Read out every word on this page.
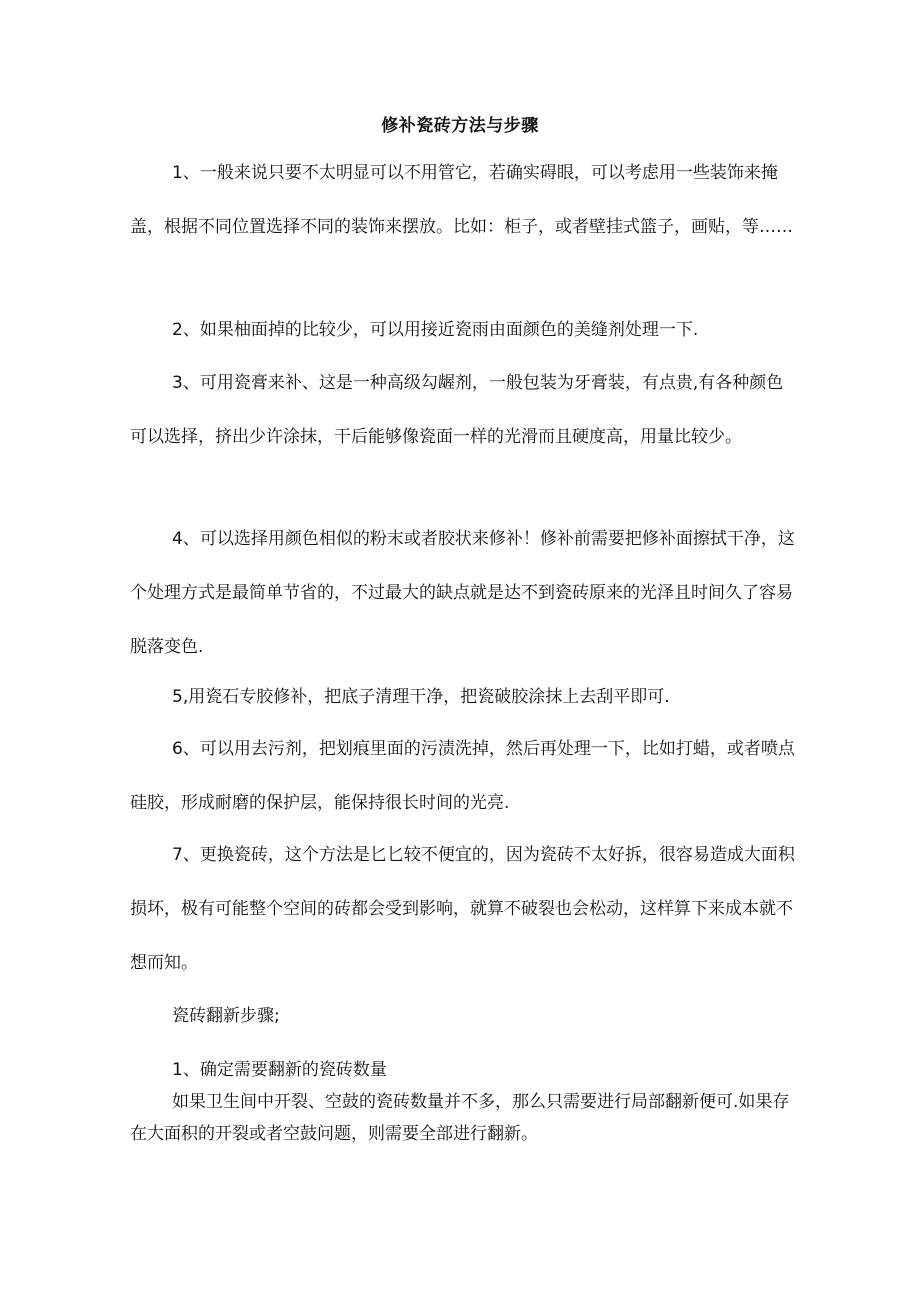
修补瓷砖方法与步骤
1、一般来说只要不太明显可以不用管它，若确实碍眼，可以考虑用一些装饰来掩盖，根据不同位置选择不同的装饰来摆放。比如：柜子，或者壁挂式篮子，画贴，等……
2、如果柚面掉的比较少，可以用接近瓷雨由面颜色的美缝剂处理一下.
3、可用瓷膏来补、这是一种高级勾龌剂，一般包装为牙膏装，有点贵,有各种颜色可以选择，挤出少许涂抹，干后能够像瓷面一样的光滑而且硬度高，用量比较少。
4、可以选择用颜色相似的粉末或者胶状来修补！修补前需要把修补面擦拭干净，这个处理方式是最简单节省的，不过最大的缺点就是达不到瓷砖原来的光泽且时间久了容易脱落变色.
5,用瓷石专胶修补，把底子清理干净，把瓷破胶涂抹上去刮平即可.
6、可以用去污剂，把划痕里面的污渍洗掉，然后再处理一下，比如打蜡，或者喷点硅胶，形成耐磨的保护层，能保持很长时间的光亮.
7、更换瓷砖，这个方法是匕匕较不便宜的，因为瓷砖不太好拆，很容易造成大面积损坏，极有可能整个空间的砖都会受到影响，就算不破裂也会松动，这样算下来成本就不想而知。
瓷砖翻新步骤;
1、确定需要翻新的瓷砖数量
如果卫生间中开裂、空鼓的瓷砖数量并不多，那么只需要进行局部翻新便可.如果存在大面积的开裂或者空鼓问题，则需要全部进行翻新。
